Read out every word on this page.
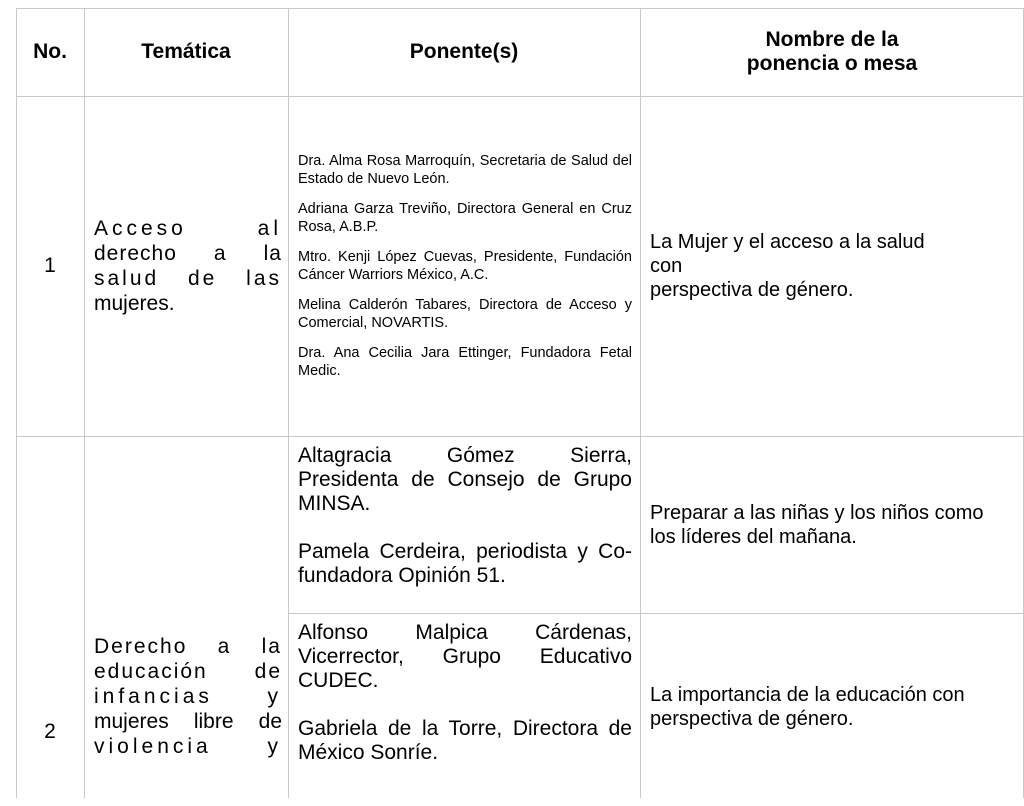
No.	Temática	Ponente(s)
Nombre de la
ponencia o mesa
1
Acceso al
derecho a la
salud de las
mujeres.

Dra. Alma Rosa Marroquín, Secretaria de Salud del Estado de Nuevo León.

Adriana Garza Treviño, Directora General en Cruz Rosa, A.B.P.

Mtro. Kenji López Cuevas, Presidente, Fundación Cáncer Warriors México, A.C.

Melina Calderón Tabares, Directora de Acceso y Comercial, NOVARTIS.

Dra. Ana Cecilia Jara Ettinger, Fundadora Fetal Medic.

La Mujer y el acceso a la salud
con
perspectiva de género.
2
Derecho a la
educación de
infancias y
mujeres libre de
violencia y

Altagracia Gómez Sierra, Presidenta de Consejo de Grupo MINSA.

Pamela Cerdeira, periodista y Co-fundadora Opinión 51.

Preparar a las niñas y los niños como los líderes del mañana.

Alfonso Malpica Cárdenas, Vicerrector, Grupo Educativo CUDEC.

Gabriela de la Torre, Directora de México Sonríe.

La importancia de la educación con perspectiva de género.
